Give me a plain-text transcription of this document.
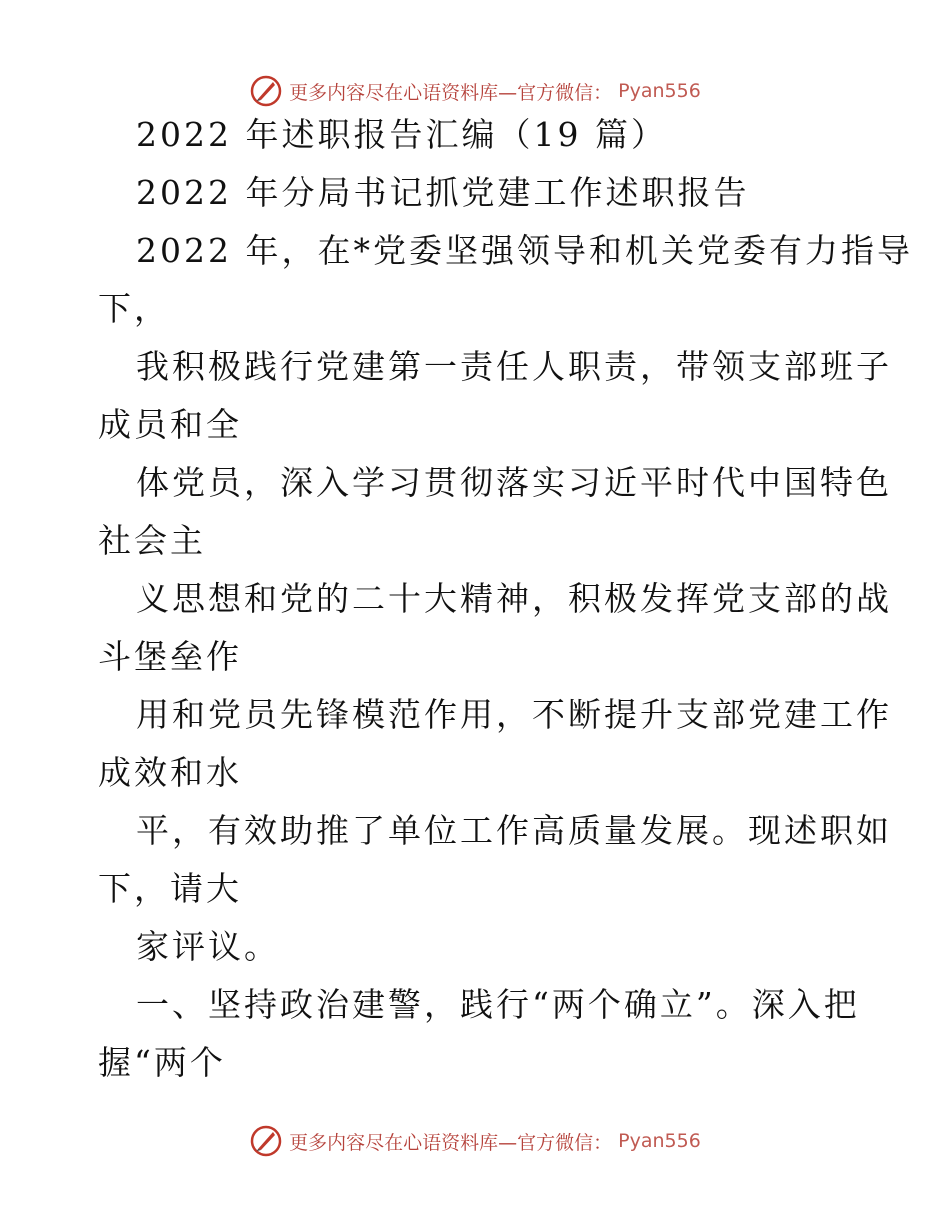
更多内容尽在心语资料库—官方微信： Pyan556
2022 年述职报告汇编（19 篇）
2022 年分局书记抓党建工作述职报告
2022 年，在*党委坚强领导和机关党委有力指导
下，
我积极践行党建第一责任人职责，带领支部班子
成员和全
体党员，深入学习贯彻落实习近平时代中国特色
社会主
义思想和党的二十大精神，积极发挥党支部的战
斗堡垒作
用和党员先锋模范作用，不断提升支部党建工作
成效和水
平，有效助推了单位工作高质量发展。现述职如
下，请大
家评议。
一、坚持政治建警，践行“两个确立”。深入把
握“两个
更多内容尽在心语资料库—官方微信： Pyan556
